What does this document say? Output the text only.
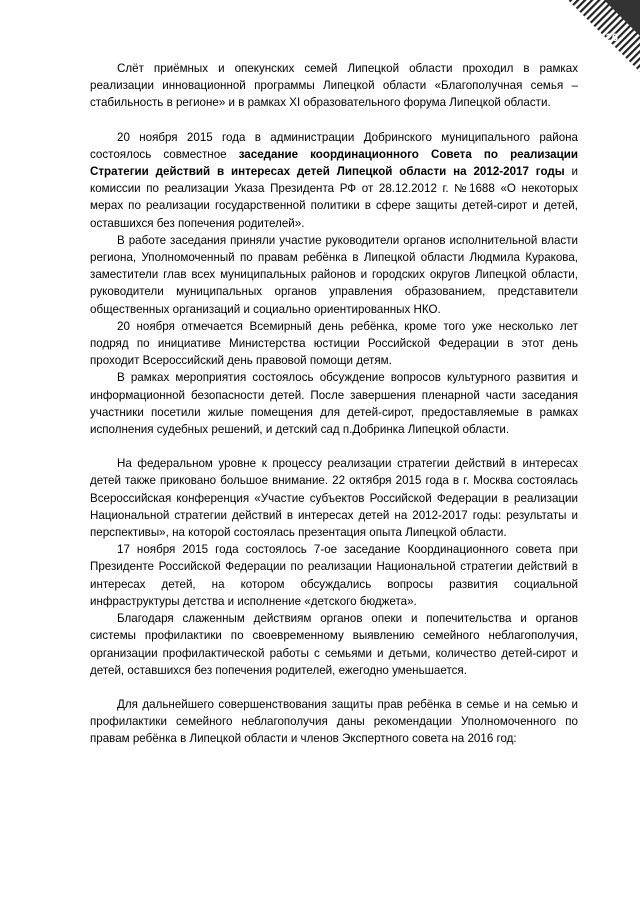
26

Слёт приёмных и опекунских семей Липецкой области проходил в рамках реализации инновационной программы Липецкой области «Благополучная семья – стабильность в регионе» и в рамках XI образовательного форума Липецкой области.

20 ноября 2015 года в администрации Добринского муниципального района состоялось совместное заседание координационного Совета по реализации Стратегии действий в интересах детей Липецкой области на 2012-2017 годы и комиссии по реализации Указа Президента РФ от 28.12.2012 г. №1688 «О некоторых мерах по реализации государственной политики в сфере защиты детей-сирот и детей, оставшихся без попечения родителей».

В работе заседания приняли участие руководители органов исполнительной власти региона, Уполномоченный по правам ребёнка в Липецкой области Людмила Куракова, заместители глав всех муниципальных районов и городских округов Липецкой области, руководители муниципальных органов управления образованием, представители общественных организаций и социально ориентированных НКО.

20 ноября отмечается Всемирный день ребёнка, кроме того уже несколько лет подряд по инициативе Министерства юстиции Российской Федерации в этот день проходит Всероссийский день правовой помощи детям.

В рамках мероприятия состоялось обсуждение вопросов культурного развития и информационной безопасности детей. После завершения пленарной части заседания участники посетили жилые помещения для детей-сирот, предоставляемые в рамках исполнения судебных решений, и детский сад п.Добринка Липецкой области.

На федеральном уровне к процессу реализации стратегии действий в интересах детей также приковано большое внимание. 22 октября 2015 года в г. Москва состоялась Всероссийская конференция «Участие субъектов Российской Федерации в реализации Национальной стратегии действий в интересах детей на 2012-2017 годы: результаты и перспективы», на которой состоялась презентация опыта Липецкой области.

17 ноября 2015 года состоялось 7-ое заседание Координационного совета при Президенте Российской Федерации по реализации Национальной стратегии действий в интересах детей, на котором обсуждались вопросы развития социальной инфраструктуры детства и исполнение «детского бюджета».

Благодаря слаженным действиям органов опеки и попечительства и органов системы профилактики по своевременному выявлению семейного неблагополучия, организации профилактической работы с семьями и детьми, количество детей-сирот и детей, оставшихся без попечения родителей, ежегодно уменьшается.

Для дальнейшего совершенствования защиты прав ребёнка в семье и на семью и профилактики семейного неблагополучия даны рекомендации Уполномоченного по правам ребёнка в Липецкой области и членов Экспертного совета на 2016 год:
